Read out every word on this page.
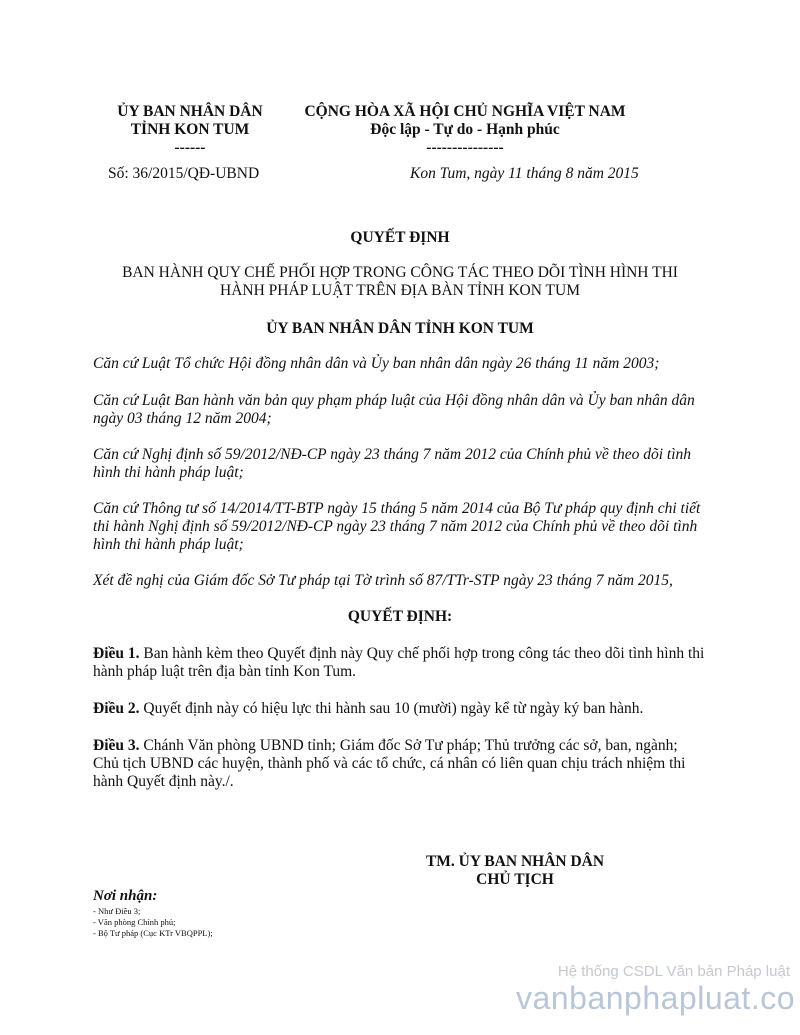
ỦY BAN NHÂN DÂN
TỈNH KON TUM
------
CỘNG HÒA XÃ HỘI CHỦ NGHĨA VIỆT NAM
Độc lập - Tự do - Hạnh phúc
---------------
Số: 36/2015/QĐ-UBND	Kon Tum, ngày 11 tháng 8 năm 2015
QUYẾT ĐỊNH
BAN HÀNH QUY CHẾ PHỐI HỢP TRONG CÔNG TÁC THEO DÕI TÌNH HÌNH THI
HÀNH PHÁP LUẬT TRÊN ĐỊA BÀN TỈNH KON TUM
ỦY BAN NHÂN DÂN TỈNH KON TUM
Căn cứ Luật Tổ chức Hội đồng nhân dân và Ủy ban nhân dân ngày 26 tháng 11 năm 2003;
Căn cứ Luật Ban hành văn bản quy phạm pháp luật của Hội đồng nhân dân và Ủy ban nhân dân ngày 03 tháng 12 năm 2004;
Căn cứ Nghị định số 59/2012/NĐ-CP ngày 23 tháng 7 năm 2012 của Chính phủ về theo dõi tình hình thi hành pháp luật;
Căn cứ Thông tư số 14/2014/TT-BTP ngày 15 tháng 5 năm 2014 của Bộ Tư pháp quy định chi tiết thi hành Nghị định số 59/2012/NĐ-CP ngày 23 tháng 7 năm 2012 của Chính phủ về theo dõi tình hình thi hành pháp luật;
Xét đề nghị của Giám đốc Sở Tư pháp tại Tờ trình số 87/TTr-STP ngày 23 tháng 7 năm 2015,
QUYẾT ĐỊNH:
Điều 1. Ban hành kèm theo Quyết định này Quy chế phối hợp trong công tác theo dõi tình hình thi hành pháp luật trên địa bàn tỉnh Kon Tum.
Điều 2. Quyết định này có hiệu lực thi hành sau 10 (mười) ngày kể từ ngày ký ban hành.
Điều 3. Chánh Văn phòng UBND tỉnh; Giám đốc Sở Tư pháp; Thủ trưởng các sở, ban, ngành; Chủ tịch UBND các huyện, thành phố và các tổ chức, cá nhân có liên quan chịu trách nhiệm thi hành Quyết định này./.
TM. ỦY BAN NHÂN DÂN
CHỦ TỊCH
Nơi nhận:
- Như Điều 3;
- Văn phòng Chính phủ;
- Bộ Tư pháp (Cục KTr VBQPPL);
Hệ thống CSDL Văn bản Pháp luật
vanbanphapluat.co
